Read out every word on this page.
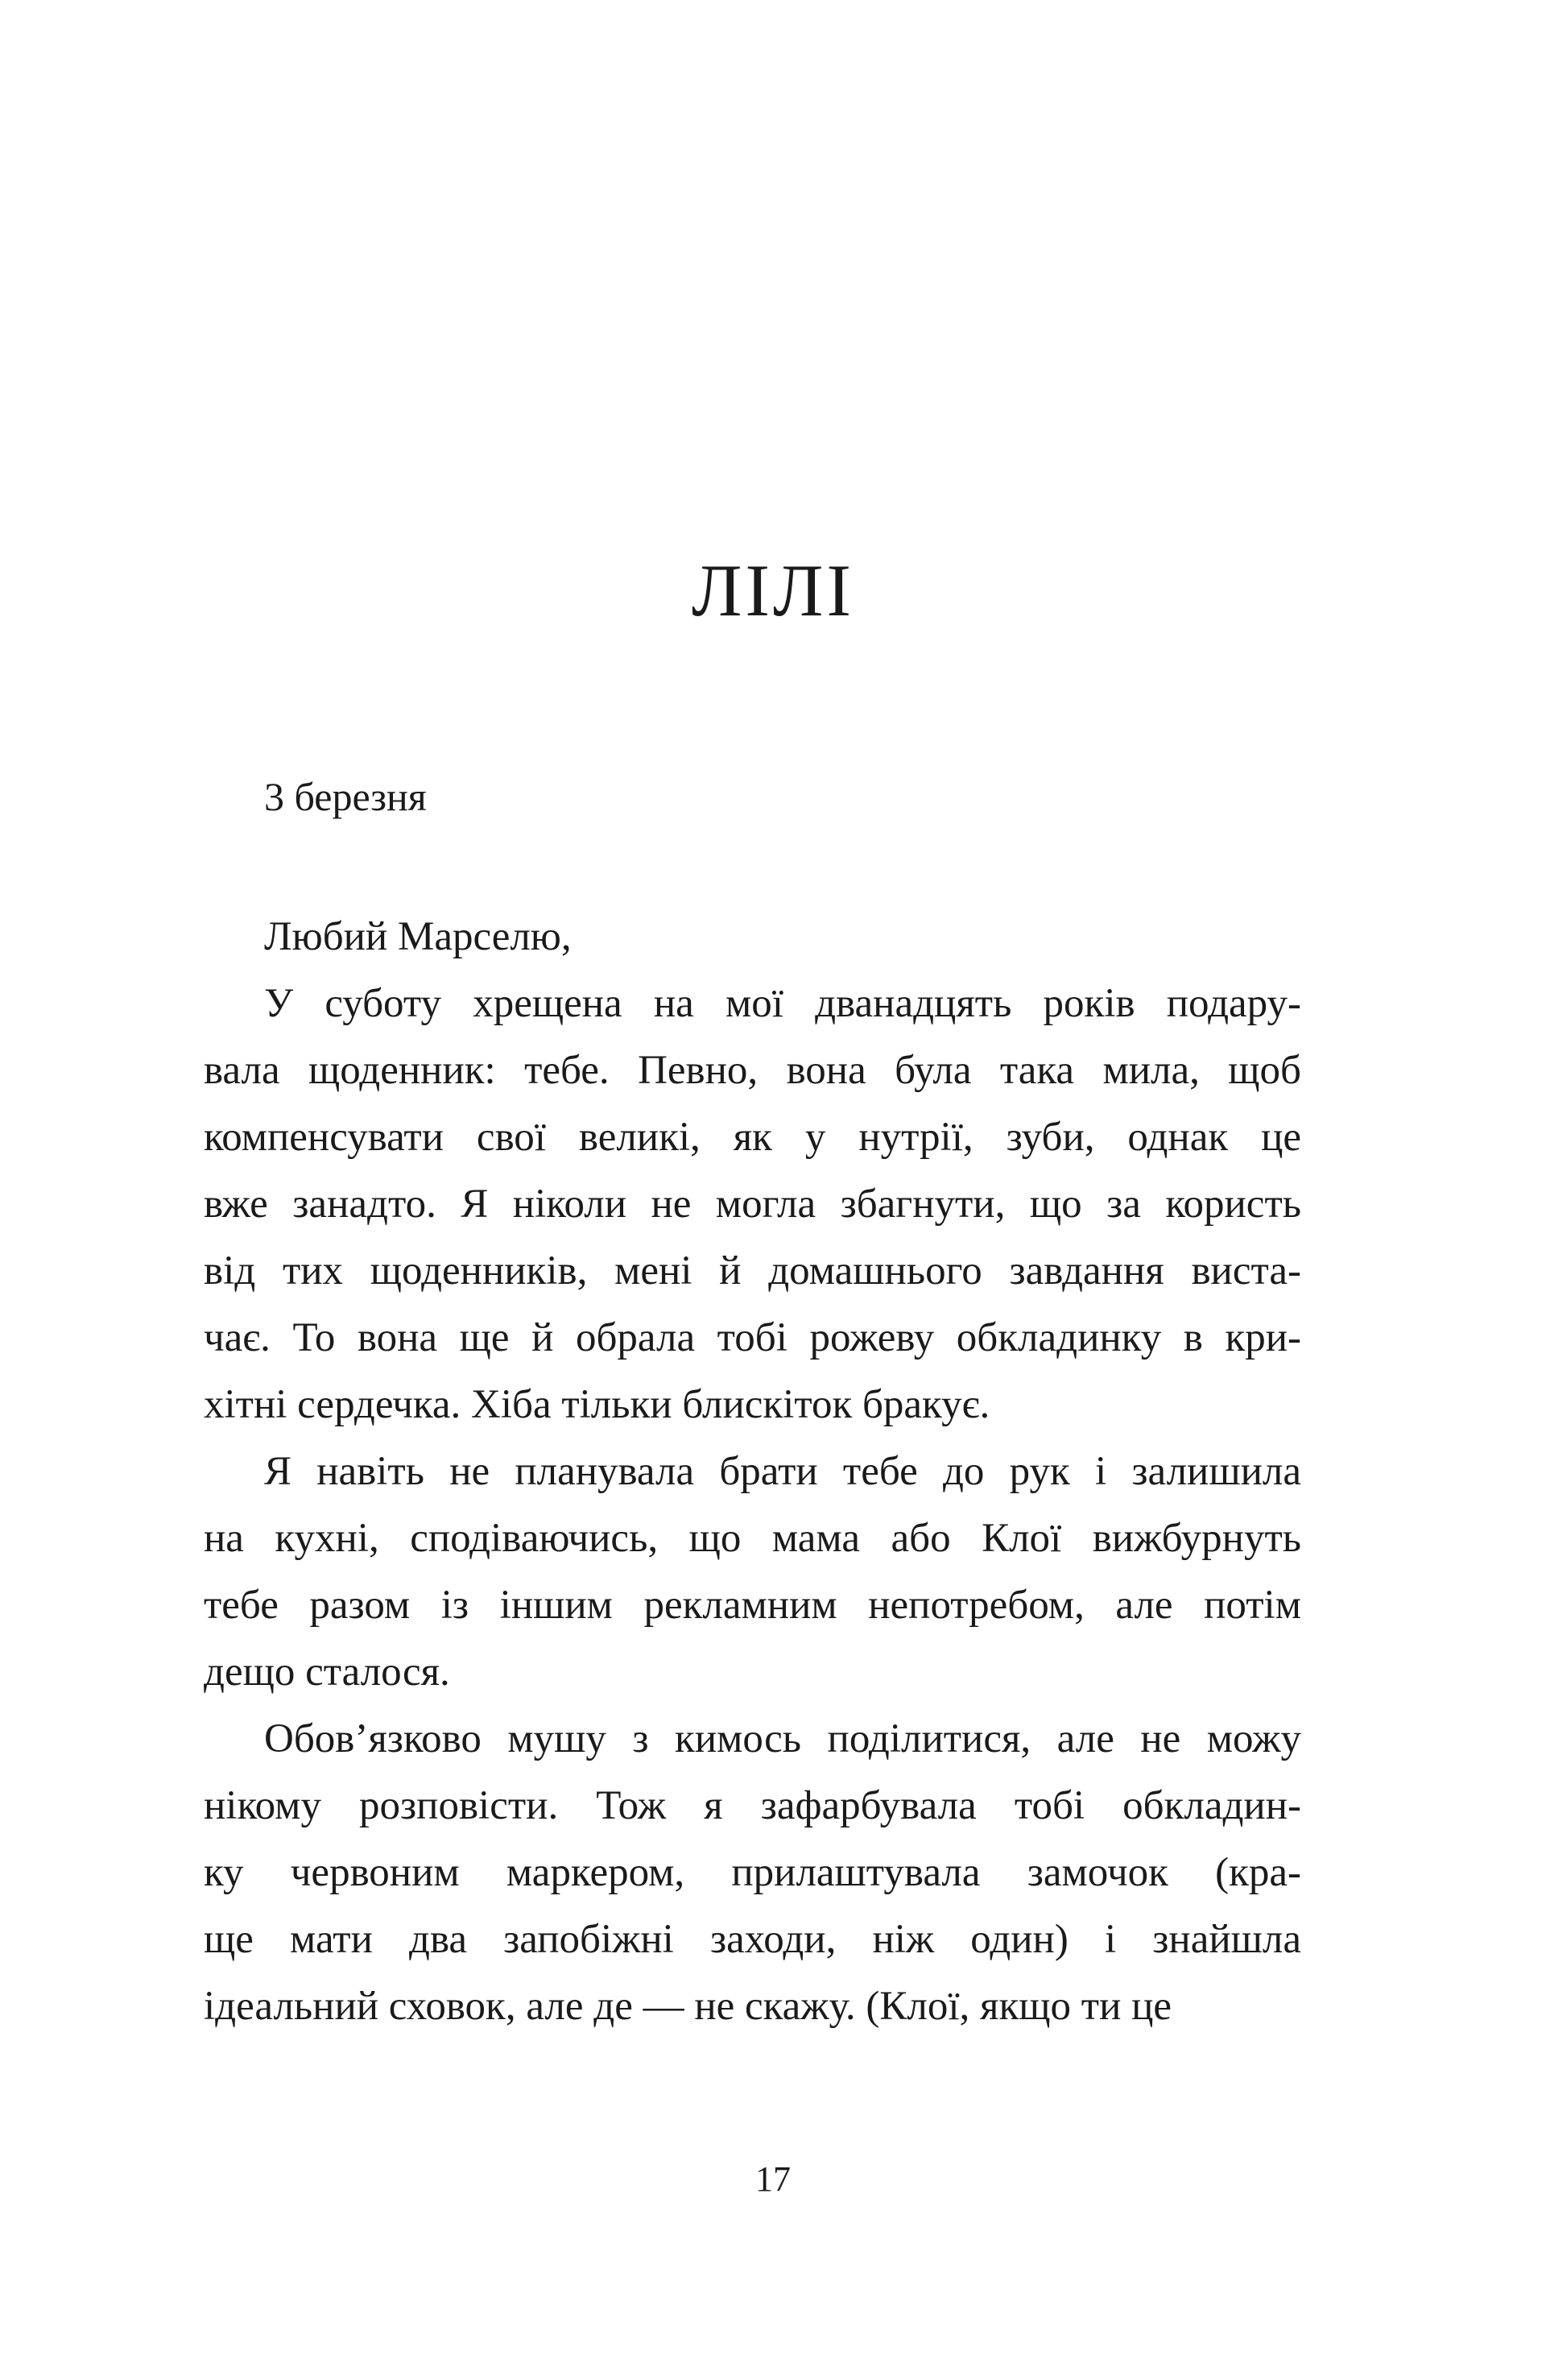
ЛІЛІ
3 березня
Любий Марселю,
У суботу хрещена на мої дванадцять років подару-
вала щоденник: тебе. Певно, вона була така мила, щоб
компенсувати свої великі, як у нутрії, зуби, однак це
вже занадто. Я ніколи не могла збагнути, що за користь
від тих щоденників, мені й домашнього завдання виста-
чає. То вона ще й обрала тобі рожеву обкладинку в кри-
хітні сердечка. Хіба тільки блискіток бракує.
Я навіть не планувала брати тебе до рук і залишила
на кухні, сподіваючись, що мама або Клої вижбурнуть
тебе разом із іншим рекламним непотребом, але потім
дещо сталося.
Обов’язково мушу з кимось поділитися, але не можу
нікому розповісти. Тож я зафарбувала тобі обкладин-
ку червоним маркером, прилаштувала замочок (кра-
ще мати два запобіжні заходи, ніж один) і знайшла
ідеальний сховок, але де — не скажу. (Клої, якщо ти це
17
